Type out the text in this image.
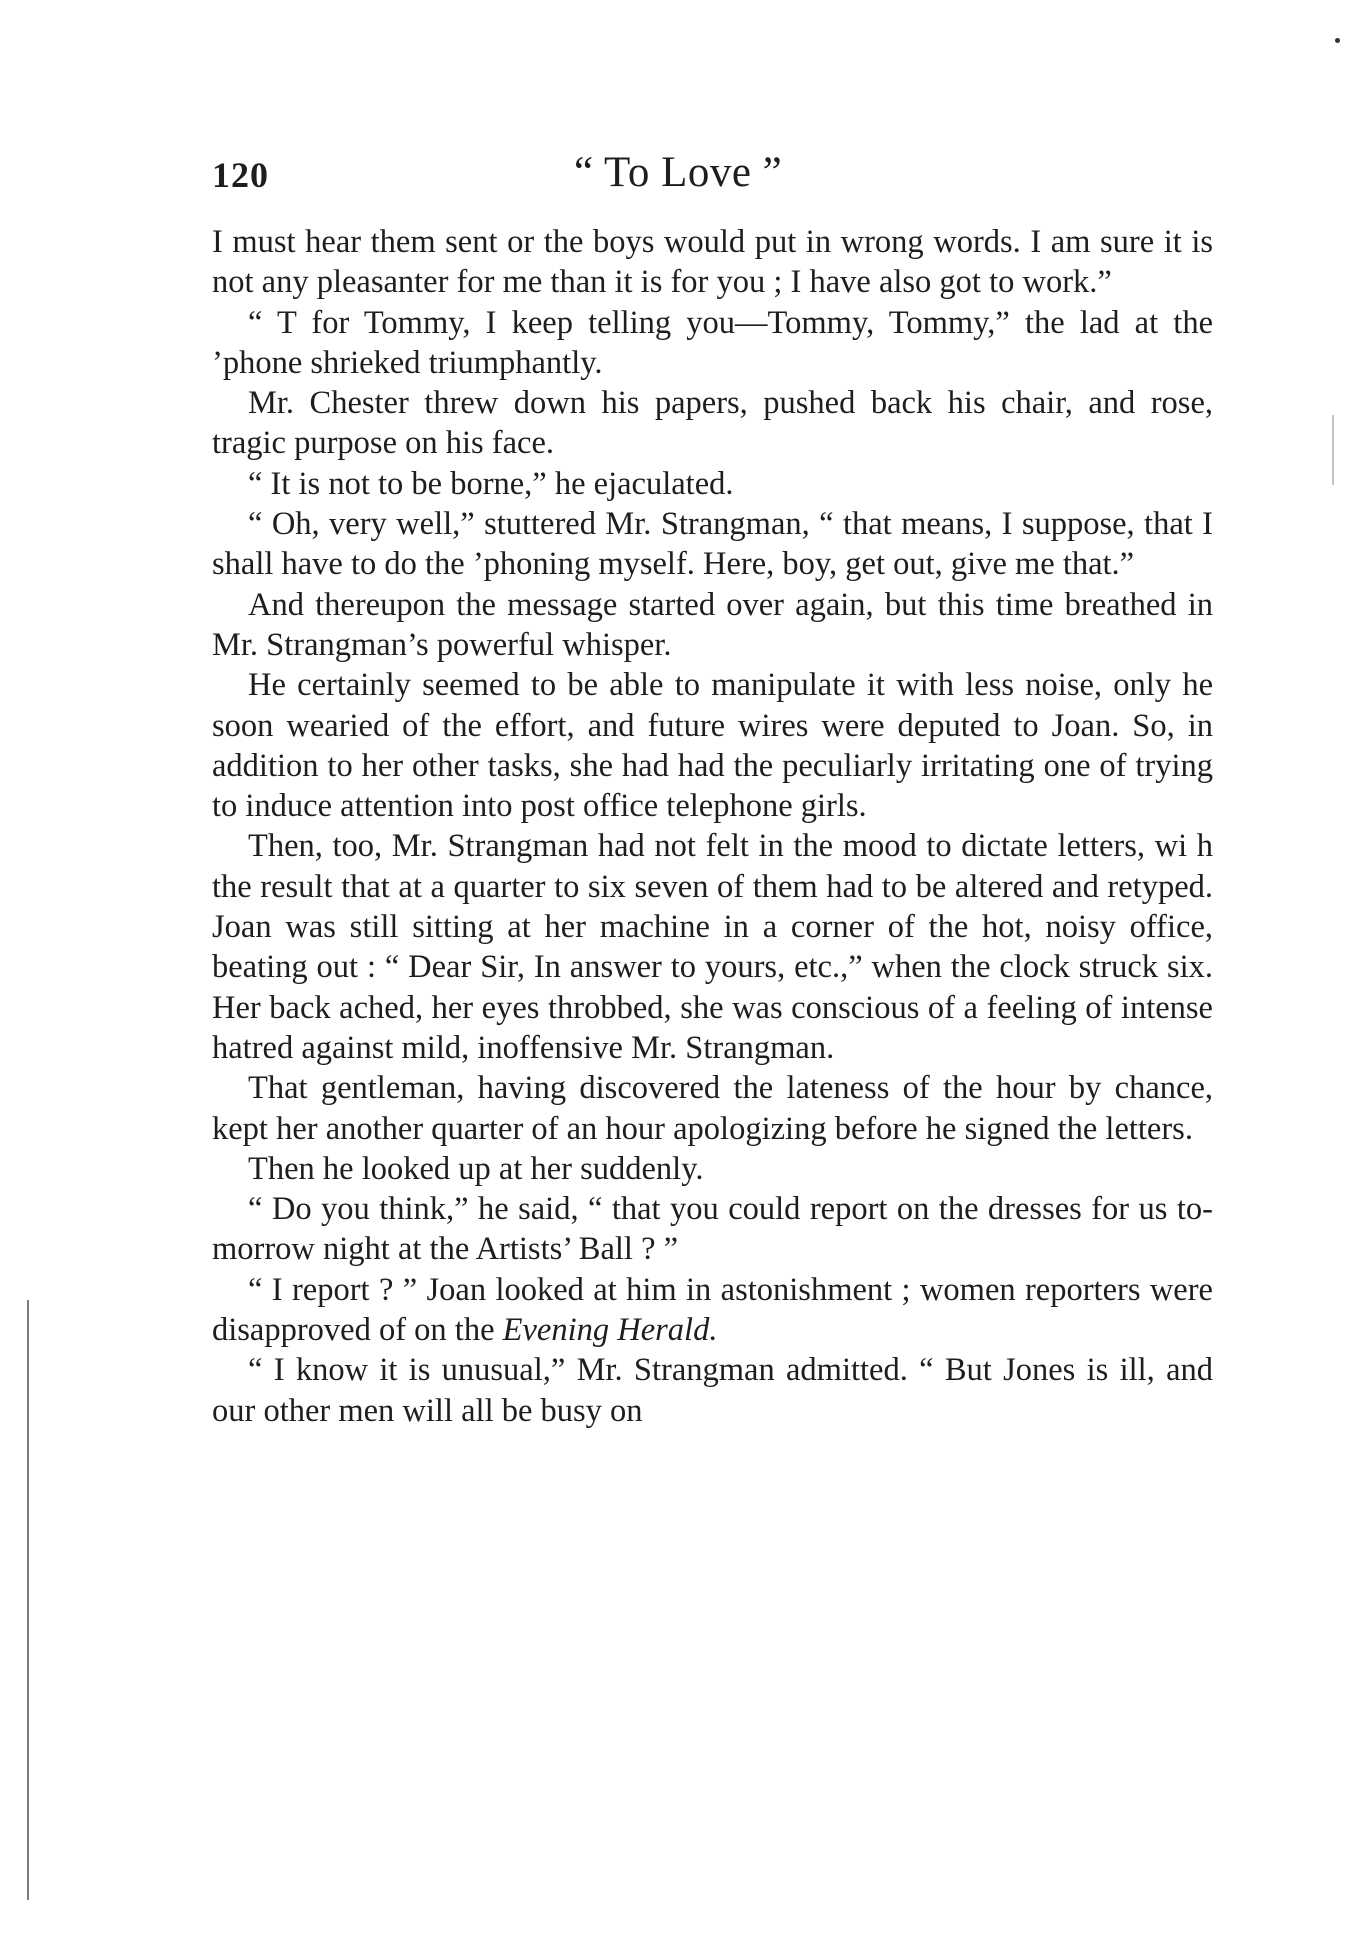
120	“ To Love ”

I must hear them sent or the boys would put in wrong words. I am sure it is not any pleasanter for me than it is for you ; I have also got to work.”

“ T for Tommy, I keep telling you—Tommy, Tommy,” the lad at the ’phone shrieked triumphantly.

Mr. Chester threw down his papers, pushed back his chair, and rose, tragic purpose on his face.

“ It is not to be borne,” he ejaculated.

“ Oh, very well,” stuttered Mr. Strangman, “ that means, I suppose, that I shall have to do the ’phoning myself. Here, boy, get out, give me that.”

And thereupon the message started over again, but this time breathed in Mr. Strangman’s powerful whisper.

He certainly seemed to be able to manipulate it with less noise, only he soon wearied of the effort, and future wires were deputed to Joan. So, in addition to her other tasks, she had had the peculiarly irritating one of trying to induce attention into post office telephone girls.

Then, too, Mr. Strangman had not felt in the mood to dictate letters, wi h the result that at a quarter to six seven of them had to be altered and retyped. Joan was still sitting at her machine in a corner of the hot, noisy office, beating out : “ Dear Sir, In answer to yours, etc.,” when the clock struck six. Her back ached, her eyes throbbed, she was conscious of a feeling of intense hatred against mild, inoffensive Mr. Strangman.

That gentleman, having discovered the lateness of the hour by chance, kept her another quarter of an hour apologizing before he signed the letters.

Then he looked up at her suddenly.

“ Do you think,” he said, “ that you could report on the dresses for us to-morrow night at the Artists’ Ball ? ”

“ I report ? ” Joan looked at him in astonishment ; women reporters were disapproved of on the Evening Herald.

“ I know it is unusual,” Mr. Strangman admitted. “ But Jones is ill, and our other men will all be busy on
